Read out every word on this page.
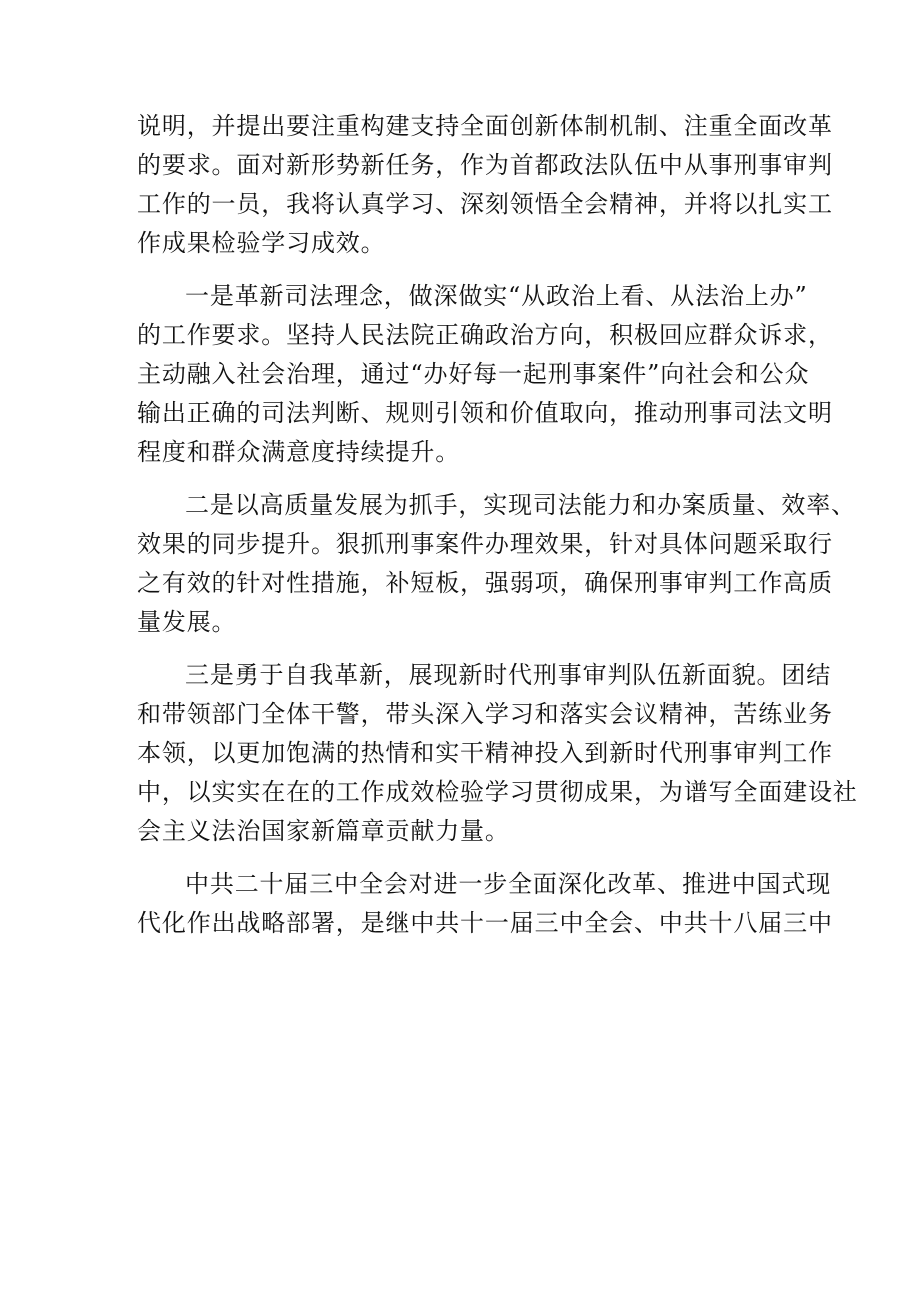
说明，并提出要注重构建支持全面创新体制机制、注重全面改革
的要求。面对新形势新任务，作为首都政法队伍中从事刑事审判
工作的一员，我将认真学习、深刻领悟全会精神，并将以扎实工
作成果检验学习成效。
一是革新司法理念，做深做实“从政治上看、从法治上办”
的工作要求。坚持人民法院正确政治方向，积极回应群众诉求，
主动融入社会治理，通过“办好每一起刑事案件”向社会和公众
输出正确的司法判断、规则引领和价值取向，推动刑事司法文明
程度和群众满意度持续提升。
二是以高质量发展为抓手，实现司法能力和办案质量、效率、
效果的同步提升。狠抓刑事案件办理效果，针对具体问题采取行
之有效的针对性措施，补短板，强弱项，确保刑事审判工作高质
量发展。
三是勇于自我革新，展现新时代刑事审判队伍新面貌。团结
和带领部门全体干警，带头深入学习和落实会议精神，苦练业务
本领，以更加饱满的热情和实干精神投入到新时代刑事审判工作
中，以实实在在的工作成效检验学习贯彻成果，为谱写全面建设社
会主义法治国家新篇章贡献力量。
中共二十届三中全会对进一步全面深化改革、推进中国式现
代化作出战略部署，是继中共十一届三中全会、中共十八届三中
